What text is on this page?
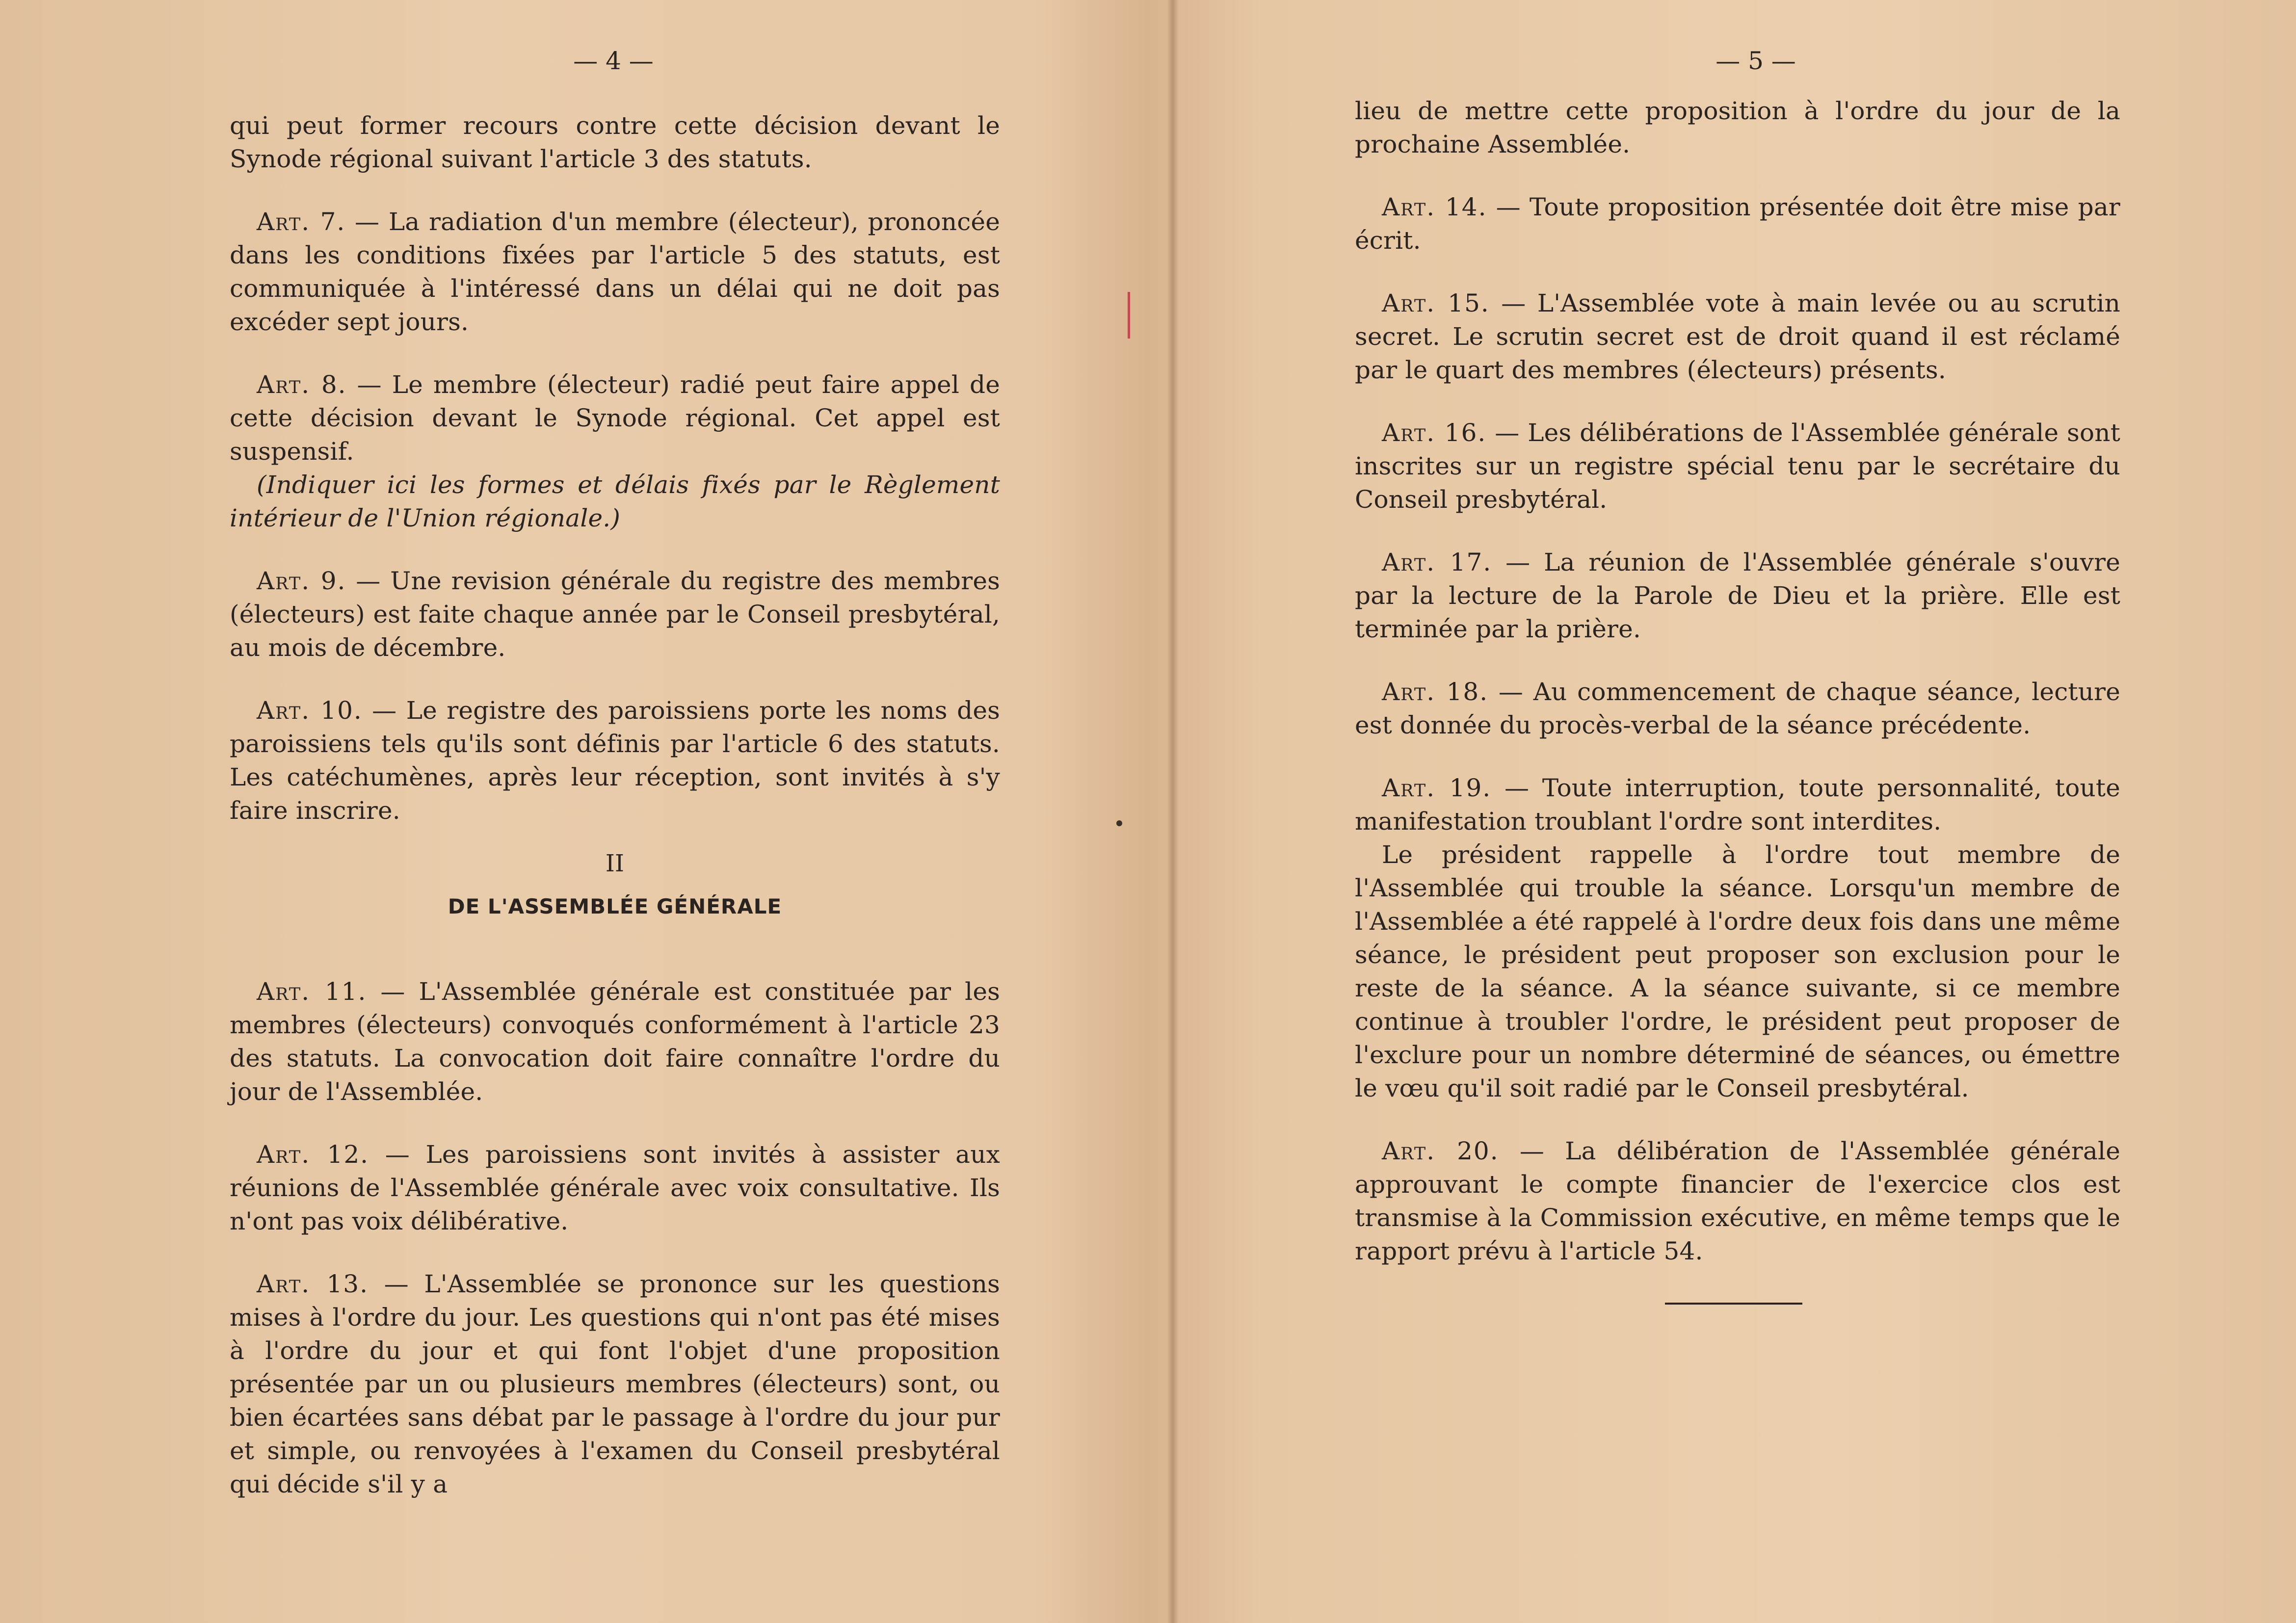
— 4 —

qui peut former recours contre cette décision devant le Synode régional suivant l'article 3 des statuts.

Art. 7. — La radiation d'un membre (électeur), prononcée dans les conditions fixées par l'article 5 des statuts, est communiquée à l'intéressé dans un délai qui ne doit pas excéder sept jours.

Art. 8. — Le membre (électeur) radié peut faire appel de cette décision devant le Synode régional. Cet appel est suspensif.
(Indiquer ici les formes et délais fixés par le Règlement intérieur de l'Union régionale.)

Art. 9. — Une revision générale du registre des membres (électeurs) est faite chaque année par le Conseil presbytéral, au mois de décembre.

Art. 10. — Le registre des paroissiens porte les noms des paroissiens tels qu'ils sont définis par l'article 6 des statuts. Les catéchumènes, après leur réception, sont invités à s'y faire inscrire.

II
DE L'ASSEMBLÉE GÉNÉRALE

Art. 11. — L'Assemblée générale est constituée par les membres (électeurs) convoqués conformément à l'article 23 des statuts. La convocation doit faire connaître l'ordre du jour de l'Assemblée.

Art. 12. — Les paroissiens sont invités à assister aux réunions de l'Assemblée générale avec voix consultative. Ils n'ont pas voix délibérative.

Art. 13. — L'Assemblée se prononce sur les questions mises à l'ordre du jour. Les questions qui n'ont pas été mises à l'ordre du jour et qui font l'objet d'une proposition présentée par un ou plusieurs membres (électeurs) sont, ou bien écartées sans débat par le passage à l'ordre du jour pur et simple, ou renvoyées à l'examen du Conseil presbytéral qui décide s'il y a

— 5 —

lieu de mettre cette proposition à l'ordre du jour de la prochaine Assemblée.

Art. 14. — Toute proposition présentée doit être mise par écrit.

Art. 15. — L'Assemblée vote à main levée ou au scrutin secret. Le scrutin secret est de droit quand il est réclamé par le quart des membres (électeurs) présents.

Art. 16. — Les délibérations de l'Assemblée générale sont inscrites sur un registre spécial tenu par le secrétaire du Conseil presbytéral.

Art. 17. — La réunion de l'Assemblée générale s'ouvre par la lecture de la Parole de Dieu et la prière. Elle est terminée par la prière.

Art. 18. — Au commencement de chaque séance, lecture est donnée du procès-verbal de la séance précédente.

Art. 19. — Toute interruption, toute personnalité, toute manifestation troublant l'ordre sont interdites.

Le président rappelle à l'ordre tout membre de l'Assemblée qui trouble la séance. Lorsqu'un membre de l'Assemblée a été rappelé à l'ordre deux fois dans une même séance, le président peut proposer son exclusion pour le reste de la séance. A la séance suivante, si ce membre continue à troubler l'ordre, le président peut proposer de l'exclure pour un nombre déterminé de séances, ou émettre le vœu qu'il soit radié par le Conseil presbytéral.

Art. 20. — La délibération de l'Assemblée générale approuvant le compte financier de l'exercice clos est transmise à la Commission exécutive, en même temps que le rapport prévu à l'article 54.
